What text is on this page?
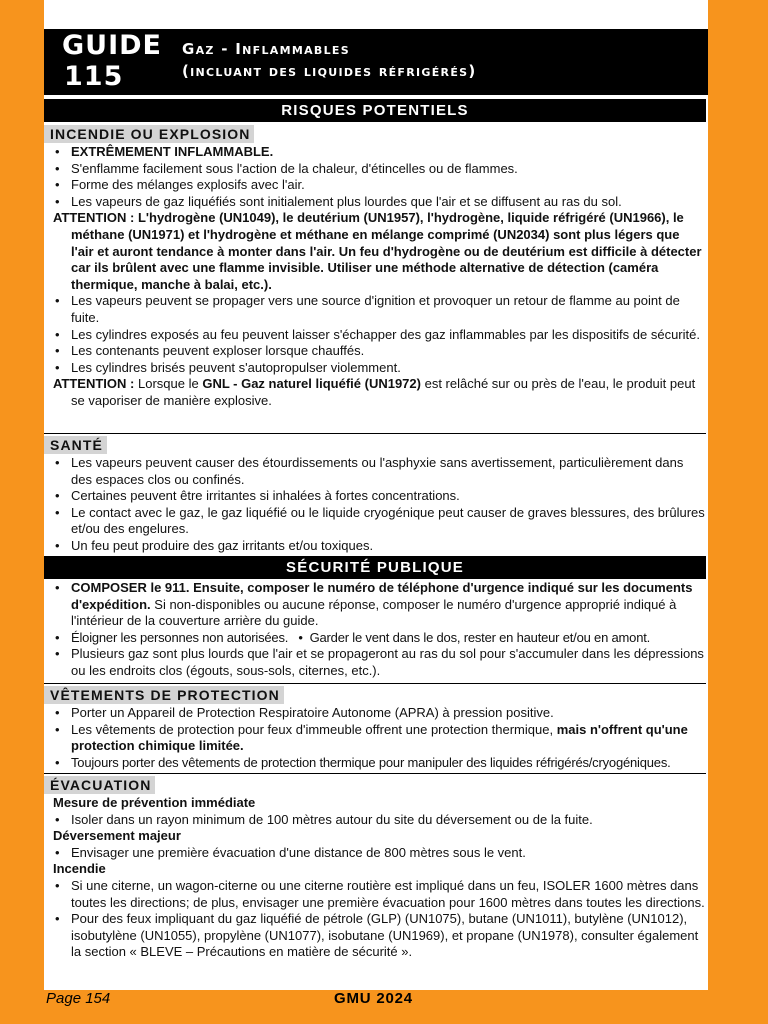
GUIDE
115
Gaz - Inflammables
(incluant des liquides réfrigérés)
RISQUES POTENTIELS
INCENDIE OU EXPLOSION
• EXTRÊMEMENT INFLAMMABLE.
• S'enflamme facilement sous l'action de la chaleur, d'étincelles ou de flammes.
• Forme des mélanges explosifs avec l'air.
• Les vapeurs de gaz liquéfiés sont initialement plus lourdes que l'air et se diffusent au ras du sol.

ATTENTION : L'hydrogène (UN1049), le deutérium (UN1957), l'hydrogène, liquide réfrigéré (UN1966), le méthane (UN1971) et l'hydrogène et méthane en mélange comprimé (UN2034) sont plus légers que l'air et auront tendance à monter dans l'air. Un feu d'hydrogène ou de deutérium est difficile à détecter car ils brûlent avec une flamme invisible. Utiliser une méthode alternative de détection (caméra thermique, manche à balai, etc.).

• Les vapeurs peuvent se propager vers une source d'ignition et provoquer un retour de flamme au point de fuite.
• Les cylindres exposés au feu peuvent laisser s'échapper des gaz inflammables par les dispositifs de sécurité.
• Les contenants peuvent exploser lorsque chauffés.
• Les cylindres brisés peuvent s'autopropulser violemment.

ATTENTION : Lorsque le GNL - Gaz naturel liquéfié (UN1972) est relâché sur ou près de l'eau, le produit peut se vaporiser de manière explosive.

SANTÉ
• Les vapeurs peuvent causer des étourdissements ou l'asphyxie sans avertissement, particulièrement dans des espaces clos ou confinés.
• Certaines peuvent être irritantes si inhalées à fortes concentrations.
• Le contact avec le gaz, le gaz liquéfié ou le liquide cryogénique peut causer de graves blessures, des brûlures et/ou des engelures.
• Un feu peut produire des gaz irritants et/ou toxiques.
SÉCURITÉ PUBLIQUE
• COMPOSER le 911. Ensuite, composer le numéro de téléphone d'urgence indiqué sur les documents d'expédition. Si non-disponibles ou aucune réponse, composer le numéro d'urgence approprié indiqué à l'intérieur de la couverture arrière du guide.
• Éloigner les personnes non autorisées. • Garder le vent dans le dos, rester en hauteur et/ou en amont.
• Plusieurs gaz sont plus lourds que l'air et se propageront au ras du sol pour s'accumuler dans les dépressions ou les endroits clos (égouts, sous-sols, citernes, etc.).
VÊTEMENTS DE PROTECTION
• Porter un Appareil de Protection Respiratoire Autonome (APRA) à pression positive.
• Les vêtements de protection pour feux d'immeuble offrent une protection thermique, mais n'offrent qu'une protection chimique limitée.
• Toujours porter des vêtements de protection thermique pour manipuler des liquides réfrigérés/cryogéniques.
ÉVACUATION

Mesure de prévention immédiate

• Isoler dans un rayon minimum de 100 mètres autour du site du déversement ou de la fuite.

Déversement majeur

• Envisager une première évacuation d'une distance de 800 mètres sous le vent.

Incendie

• Si une citerne, un wagon-citerne ou une citerne routière est impliqué dans un feu, ISOLER 1600 mètres dans toutes les directions; de plus, envisager une première évacuation pour 1600 mètres dans toutes les directions.
• Pour des feux impliquant du gaz liquéfié de pétrole (GLP) (UN1075), butane (UN1011), butylène (UN1012), isobutylène (UN1055), propylène (UN1077), isobutane (UN1969), et propane (UN1978), consulter également la section « BLEVE – Précautions en matière de sécurité ».
Page 154	GMU 2024
